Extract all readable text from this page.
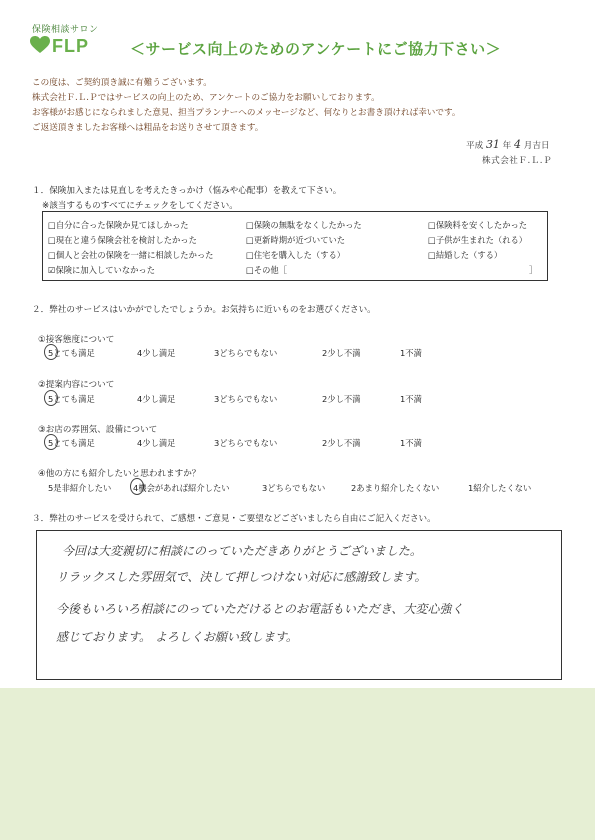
保険相談サロン
FLP	＜サービス向上のためのアンケートにご協力下さい＞
この度は、ご契約頂き誠に有難うございます。
株式会社Ｆ.Ｌ.Ｐではサービスの向上のため、アンケートのご協力をお願いしております。
お客様がお感じになられました意見、担当プランナーへのメッセージなど、何なりとお書き頂ければ幸いです。
ご返送頂きましたお客様へは粗品をお送りさせて頂きます。
平成 31 年 4 月吉日
株式会社Ｆ.Ｌ.Ｐ
１．保険加入または見直しを考えたきっかけ（悩みや心配事）を教えて下さい。
※該当するものすべてにチェックをしてください。
□自分に合った保険か見てほしかった	□保険の無駄をなくしたかった	□保険料を安くしたかった
□現在と違う保険会社を検討したかった	□更新時期が近づいていた	□子供が生まれた（れる）
□個人と会社の保険を一緒に相談したかった	□住宅を購入した（する）	□結婚した（する）
☑保険に加入していなかった	□その他［	］
２．弊社のサービスはいかがでしたでしょうか。お気持ちに近いものをお選びください。
①接客態度について
5とても満足	4少し満足	3どちらでもない	2少し不満	1不満
②提案内容について
5とても満足	4少し満足	3どちらでもない	2少し不満	1不満
③お店の雰囲気、設備について
5とても満足	4少し満足	3どちらでもない	2少し不満	1不満
④他の方にも紹介したいと思われますか？
5是非紹介したい	4機会があれば紹介したい	3どちらでもない	2あまり紹介したくない	1紹介したくない
３．弊社のサービスを受けられて、ご感想・ご意見・ご要望などございましたら自由にご記入ください。
今回は大変親切に相談にのっていただきありがとうございました。
リラックスした雰囲気で、決して押しつけない対応に感謝致します。
今後もいろいろ相談にのっていただけるとのお電話もいただき、大変心強く
感じております。 よろしくお願い致します。
